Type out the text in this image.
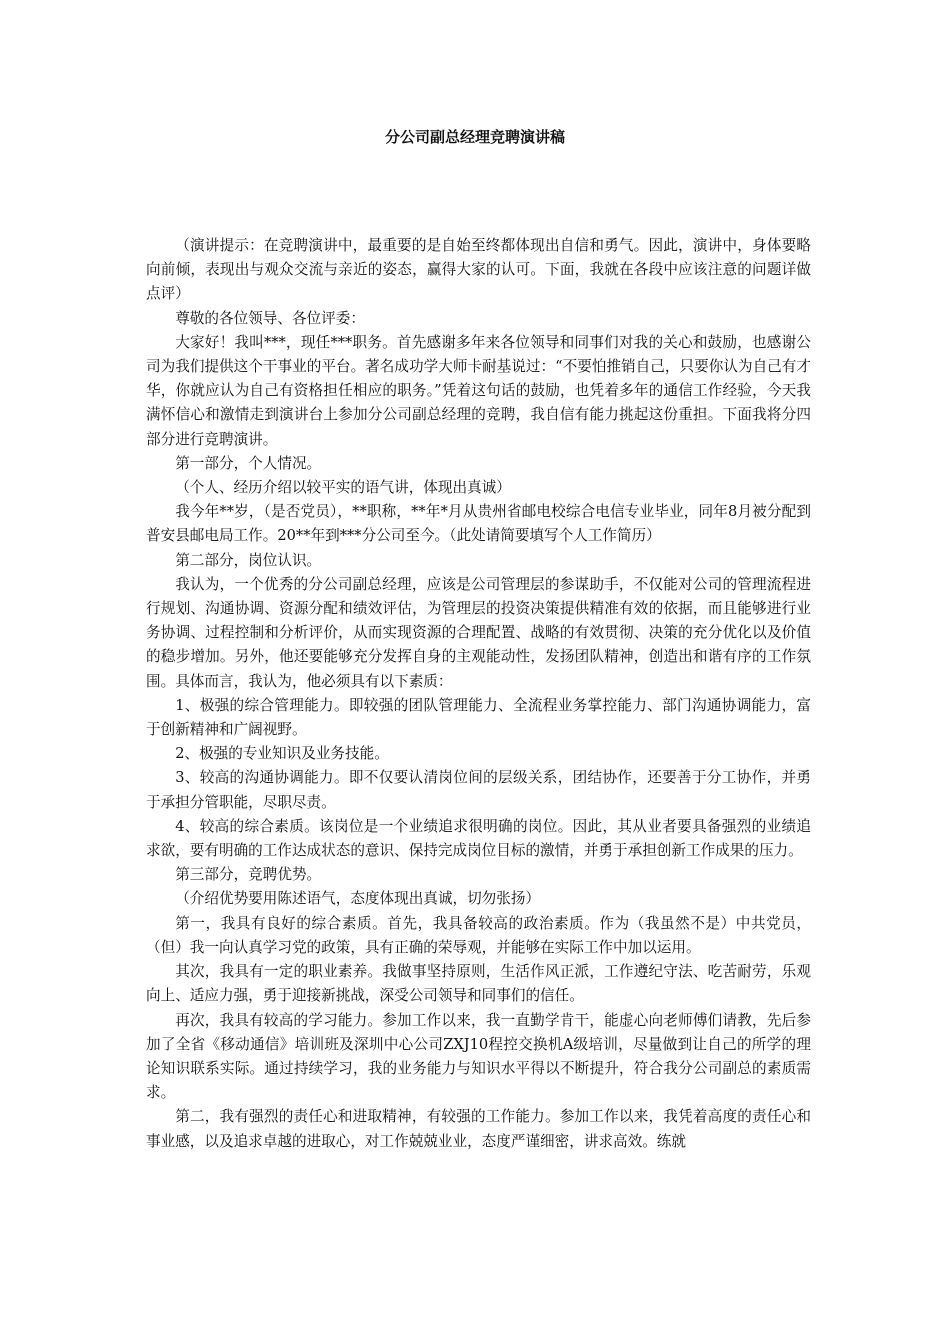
分公司副总经理竞聘演讲稿

（演讲提示：在竞聘演讲中，最重要的是自始至终都体现出自信和勇气。因此，演讲中，身体要略向前倾，表现出与观众交流与亲近的姿态，赢得大家的认可。下面，我就在各段中应该注意的问题详做点评）

尊敬的各位领导、各位评委：

大家好！我叫***，现任***职务。首先感谢多年来各位领导和同事们对我的关心和鼓励，也感谢公司为我们提供这个干事业的平台。著名成功学大师卡耐基说过：“不要怕推销自己，只要你认为自己有才华，你就应认为自己有资格担任相应的职务。”凭着这句话的鼓励，也凭着多年的通信工作经验，今天我满怀信心和激情走到演讲台上参加分公司副总经理的竞聘，我自信有能力挑起这份重担。下面我将分四部分进行竞聘演讲。

第一部分，个人情况。

（个人、经历介绍以较平实的语气讲，体现出真诚）

我今年**岁，（是否党员），**职称，**年*月从贵州省邮电校综合电信专业毕业，同年8月被分配到普安县邮电局工作。20**年到***分公司至今。（此处请简要填写个人工作简历）

第二部分，岗位认识。

我认为，一个优秀的分公司副总经理，应该是公司管理层的参谋助手，不仅能对公司的管理流程进行规划、沟通协调、资源分配和绩效评估，为管理层的投资决策提供精准有效的依据，而且能够进行业务协调、过程控制和分析评价，从而实现资源的合理配置、战略的有效贯彻、决策的充分优化以及价值的稳步增加。另外，他还要能够充分发挥自身的主观能动性，发扬团队精神，创造出和谐有序的工作氛围。具体而言，我认为，他必须具有以下素质：

1、极强的综合管理能力。即较强的团队管理能力、全流程业务掌控能力、部门沟通协调能力，富于创新精神和广阔视野。

2、极强的专业知识及业务技能。

3、较高的沟通协调能力。即不仅要认清岗位间的层级关系，团结协作，还要善于分工协作，并勇于承担分管职能，尽职尽责。

4、较高的综合素质。该岗位是一个业绩追求很明确的岗位。因此，其从业者要具备强烈的业绩追求欲，要有明确的工作达成状态的意识、保持完成岗位目标的激情，并勇于承担创新工作成果的压力。

第三部分，竞聘优势。

（介绍优势要用陈述语气，态度体现出真诚，切勿张扬）

第一，我具有良好的综合素质。首先，我具备较高的政治素质。作为（我虽然不是）中共党员，（但）我一向认真学习党的政策，具有正确的荣辱观，并能够在实际工作中加以运用。

其次，我具有一定的职业素养。我做事坚持原则，生活作风正派，工作遵纪守法、吃苦耐劳，乐观向上、适应力强，勇于迎接新挑战，深受公司领导和同事们的信任。

再次，我具有较高的学习能力。参加工作以来，我一直勤学肯干，能虚心向老师傅们请教，先后参加了全省《移动通信》培训班及深圳中心公司ZXJ10程控交换机A级培训，尽量做到让自己的所学的理论知识联系实际。通过持续学习，我的业务能力与知识水平得以不断提升，符合我分公司副总的素质需求。

第二，我有强烈的责任心和进取精神，有较强的工作能力。参加工作以来，我凭着高度的责任心和事业感，以及追求卓越的进取心，对工作兢兢业业，态度严谨细密，讲求高效。练就
